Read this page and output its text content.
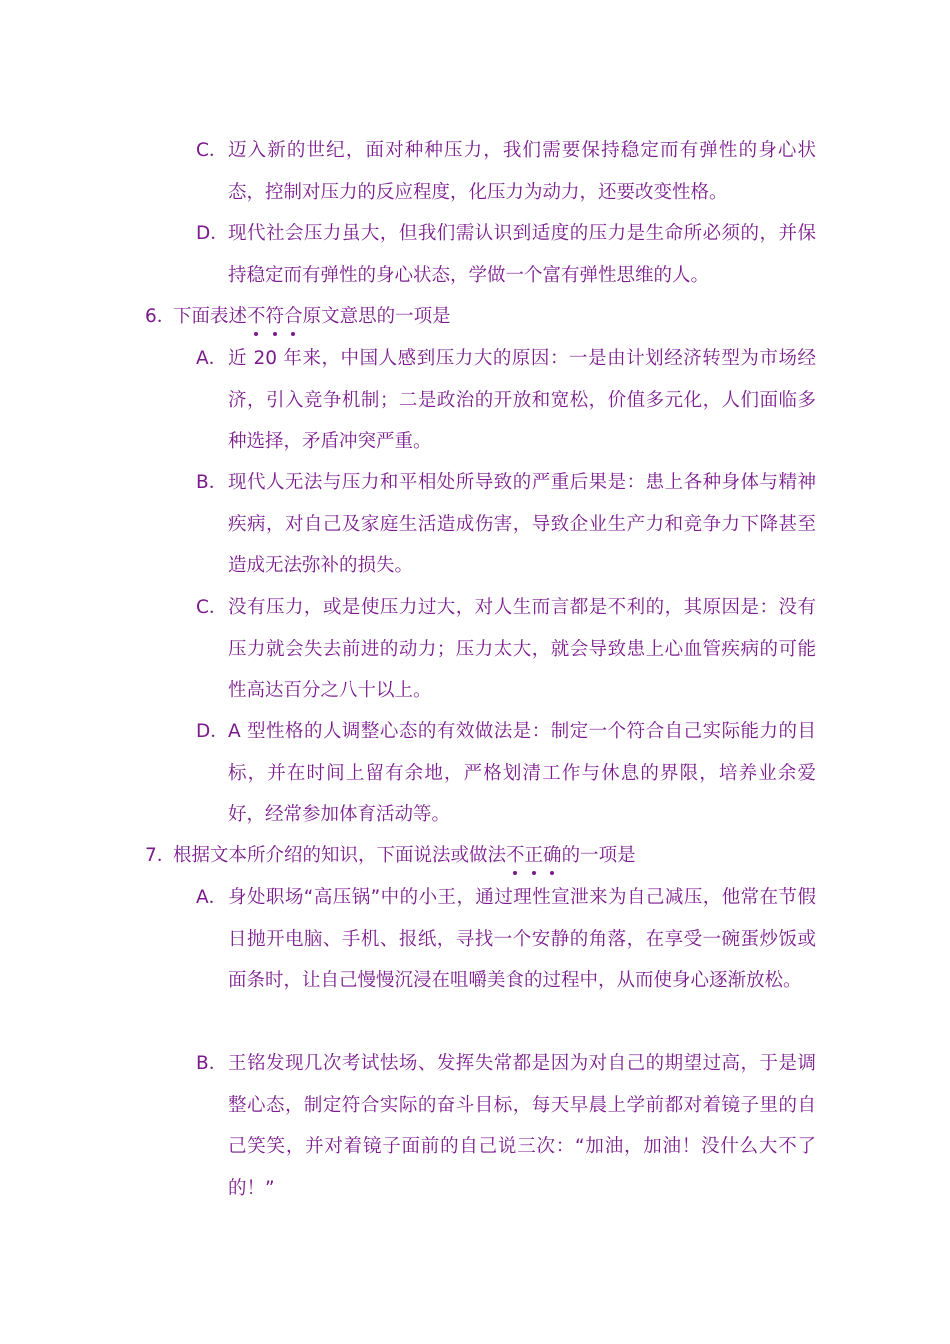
C． 迈入新的世纪，面对种种压力，我们需要保持稳定而有弹性的身心状态，控制对压力的反应程度，化压力为动力，还要改变性格。
D． 现代社会压力虽大，但我们需认识到适度的压力是生命所必须的，并保持稳定而有弹性的身心状态，学做一个富有弹性思维的人。
6．下面表述不
符
合
原文意思的一项是
A． 近 20 年来，中国人感到压力大的原因：一是由计划经济转型为市场经济，引入竞争机制；二是政治的开放和宽松，价值多元化，人们面临多种选择，矛盾冲突严重。
B． 现代人无法与压力和平相处所导致的严重后果是：患上各种身体与精神疾病，对自己及家庭生活造成伤害，导致企业生产力和竞争力下降甚至造成无法弥补的损失。
C． 没有压力，或是使压力过大，对人生而言都是不利的，其原因是：没有压力就会失去前进的动力；压力太大，就会导致患上心血管疾病的可能性高达百分之八十以上。
D． A 型性格的人调整心态的有效做法是：制定一个符合自己实际能力的目标，并在时间上留有余地，严格划清工作与休息的界限，培养业余爱好，经常参加体育活动等。
7．根据文本所介绍的知识，下面说法或做法不
正
确
的一项是
A． 身处职场“高压锅”中的小王，通过理性宣泄来为自己减压，他常在节假日抛开电脑、手机、报纸，寻找一个安静的角落，在享受一碗蛋炒饭或面条时，让自己慢慢沉浸在咀嚼美食的过程中，从而使身心逐渐放松。
B． 王铭发现几次考试怯场、发挥失常都是因为对自己的期望过高，于是调整心态，制定符合实际的奋斗目标，每天早晨上学前都对着镜子里的自己笑笑，并对着镜子面前的自己说三次：“加油，加油！没什么大不了的！”
